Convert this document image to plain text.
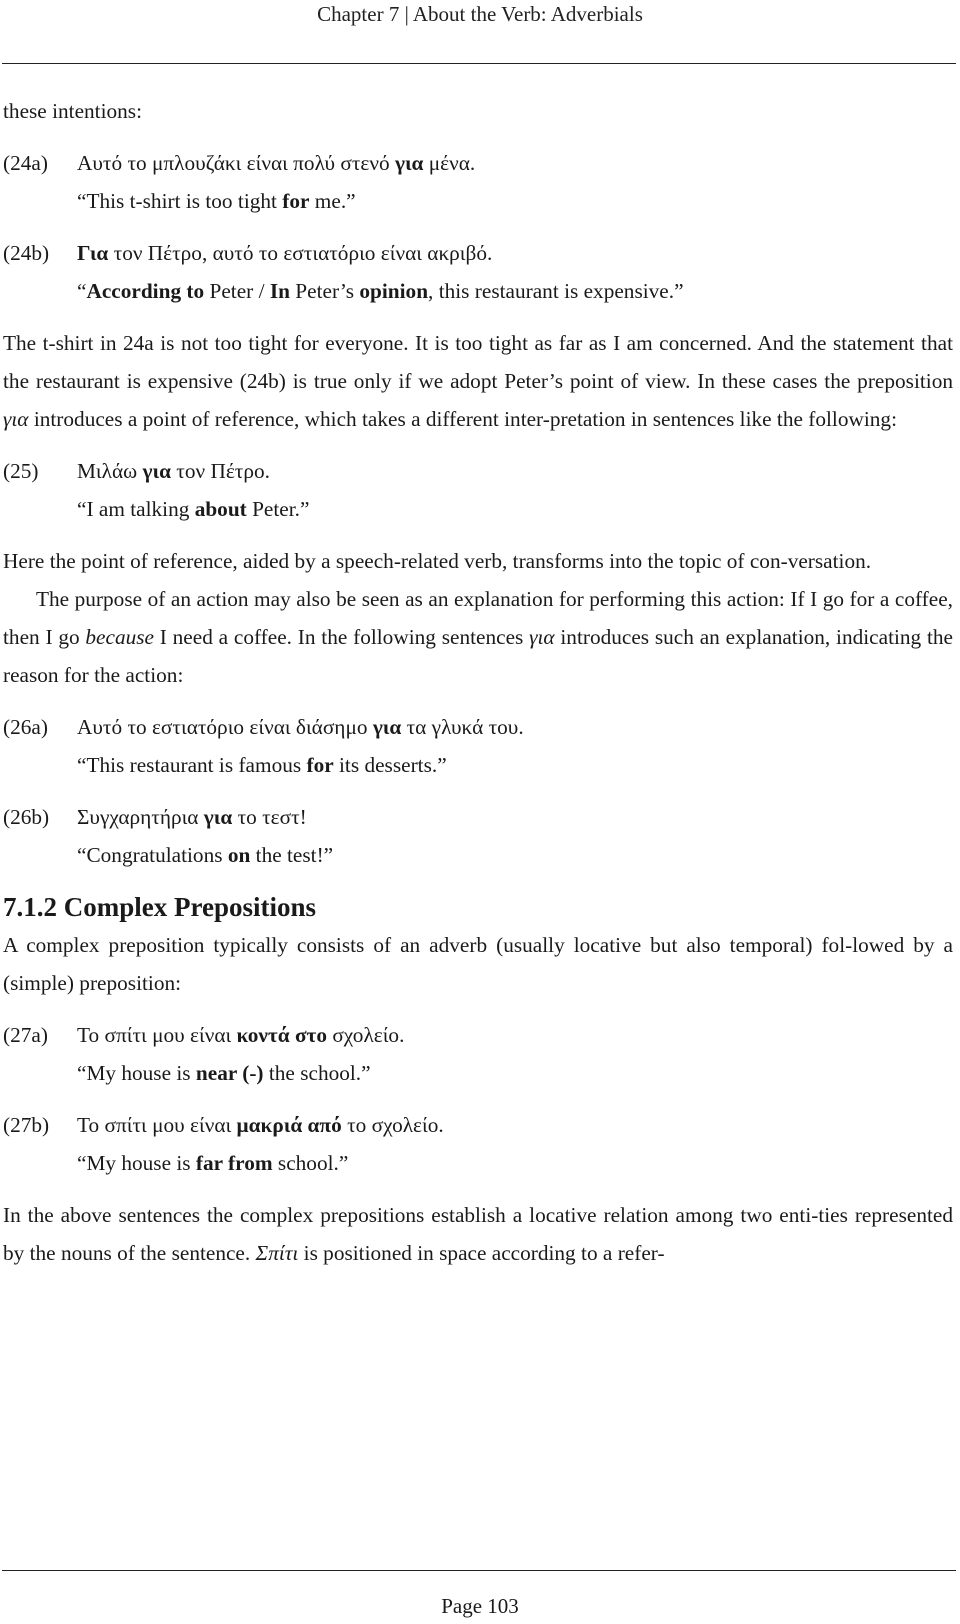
Chapter 7 | About the Verb: Adverbials

these intentions:

(24a)	Αυτό το μπλουζάκι είναι πολύ στενό για μένα.
“This t-shirt is too tight for me.”
(24b)	Για τον Πέτρο, αυτό το εστιατόριο είναι ακριβό.
“According to Peter / In Peter’s opinion, this restaurant is expensive.”

The t-shirt in 24a is not too tight for everyone. It is too tight as far as I am concerned. And the statement that the restaurant is expensive (24b) is true only if we adopt Peter’s point of view. In these cases the preposition για introduces a point of reference, which takes a different inter-pretation in sentences like the following:

(25)	Μιλάω για τον Πέτρο.
“I am talking about Peter.”

Here the point of reference, aided by a speech-related verb, transforms into the topic of con-versation.

The purpose of an action may also be seen as an explanation for performing this action: If I go for a coffee, then I go because I need a coffee. In the following sentences για introduces such an explanation, indicating the reason for the action:

(26a)	Αυτό το εστιατόριο είναι διάσημο για τα γλυκά του.
“This restaurant is famous for its desserts.”
(26b)	Συγχαρητήρια για το τεστ!
“Congratulations on the test!”
7.1.2 Complex Prepositions

A complex preposition typically consists of an adverb (usually locative but also temporal) fol-lowed by a (simple) preposition:

(27a)	Το σπίτι μου είναι κοντά στο σχολείο.
“My house is near (-) the school.”
(27b)	Το σπίτι μου είναι μακριά από το σχολείο.
“My house is far from school.”

In the above sentences the complex prepositions establish a locative relation among two enti-ties represented by the nouns of the sentence. Σπίτι is positioned in space according to a refer-

Page 103
